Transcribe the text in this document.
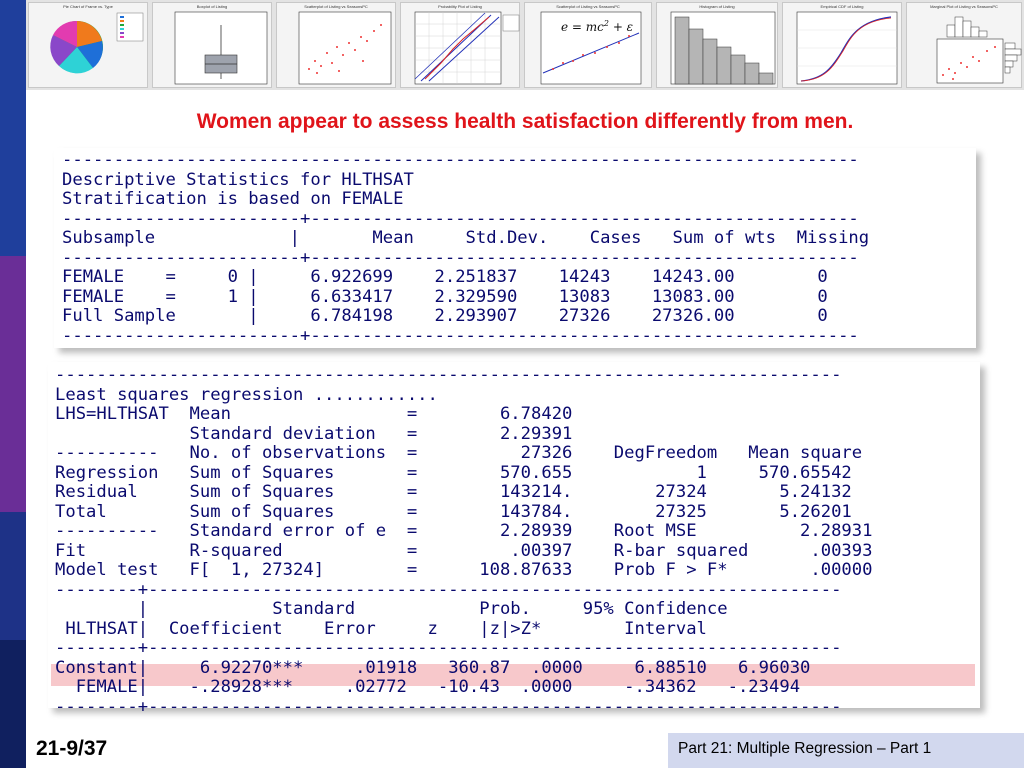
Pie Chart of Frame vs. Type	Boxplot of Listing	Scatterplot of Listing vs SeasonsPC	Probability Plot of Listing	Scatterplot of Listing vs SeasonsPC
$e = mc^2 + \varepsilon$
Histogram of Listing	Empirical CDF of Listing	Marginal Plot of Listing vs SeasonsPC
Women appear to assess health satisfaction differently from men.
-----------------------------------------------------------------------------
Descriptive Statistics for HLTHSAT
Stratification is based on FEMALE
-----------------------+-----------------------------------------------------
Subsample             |       Mean     Std.Dev.    Cases   Sum of wts  Missing
-----------------------+-----------------------------------------------------
FEMALE    =     0 |     6.922699    2.251837    14243    14243.00        0
FEMALE    =     1 |     6.633417    2.329590    13083    13083.00        0
Full Sample       |     6.784198    2.293907    27326    27326.00        0
-----------------------+-----------------------------------------------------
----------------------------------------------------------------------------
Least squares regression ............
LHS=HLTHSAT  Mean                 =        6.78420
Standard deviation   =        2.29391
----------   No. of observations  =          27326    DegFreedom   Mean square
Regression   Sum of Squares       =        570.655            1     570.65542
Residual     Sum of Squares       =        143214.        27324       5.24132
Total        Sum of Squares       =        143784.        27325       5.26201
----------   Standard error of e  =        2.28939    Root MSE          2.28931
Fit          R-squared            =         .00397    R-bar squared      .00393
Model test   F[  1, 27324]        =      108.87633    Prob F > F*        .00000
--------+-------------------------------------------------------------------
|            Standard            Prob.     95% Confidence
HLTHSAT|  Coefficient    Error     z    |z|>Z*        Interval
--------+-------------------------------------------------------------------
Constant|     6.92270***     .01918   360.87  .0000     6.88510   6.96030
FEMALE|    -.28928***     .02772   -10.43  .0000     -.34362   -.23494
--------+-------------------------------------------------------------------
21-9/37	Part 21: Multiple Regression – Part 1
